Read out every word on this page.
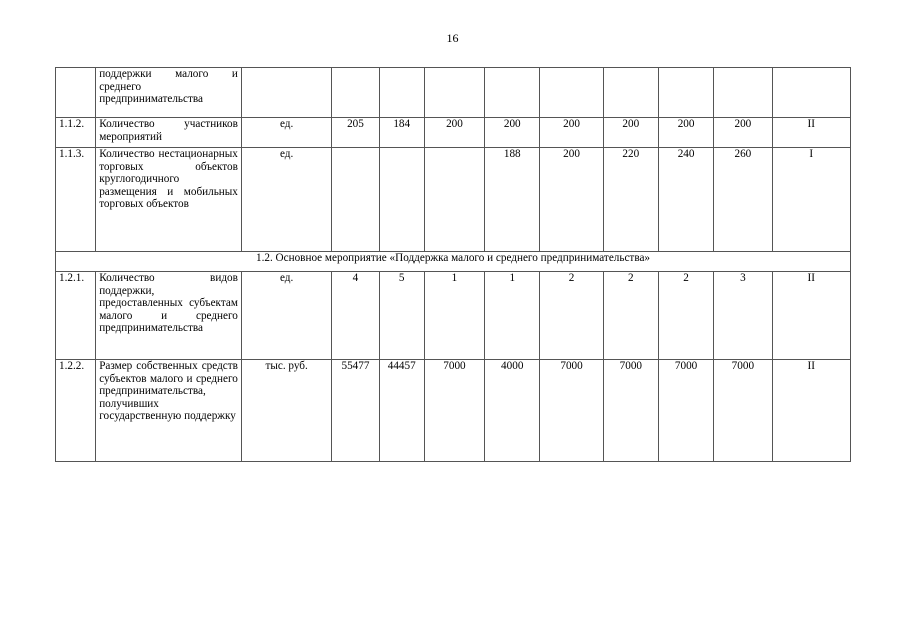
16
	поддержки малого и среднего предпринимательства										
1.1.2.	Количество участников мероприятий	ед.	205	184	200	200	200	200	200	200	II
1.1.3.	Количество нестационарных торговых объектов круглогодичного размещения и мобильных торговых объектов	ед.				188	200	220	240	260	I
1.2. Основное мероприятие «Поддержка малого и среднего предпринимательства»											
1.2.1.	Количество видов поддержки, предоставленных субъектам малого и среднего предпринимательства	ед.	4	5	1	1	2	2	2	3	II
1.2.2.	Размер собственных средств субъектов малого и среднего предпринимательства, получивших государственную поддержку	тыс. руб.	55477	44457	7000	4000	7000	7000	7000	7000	II
